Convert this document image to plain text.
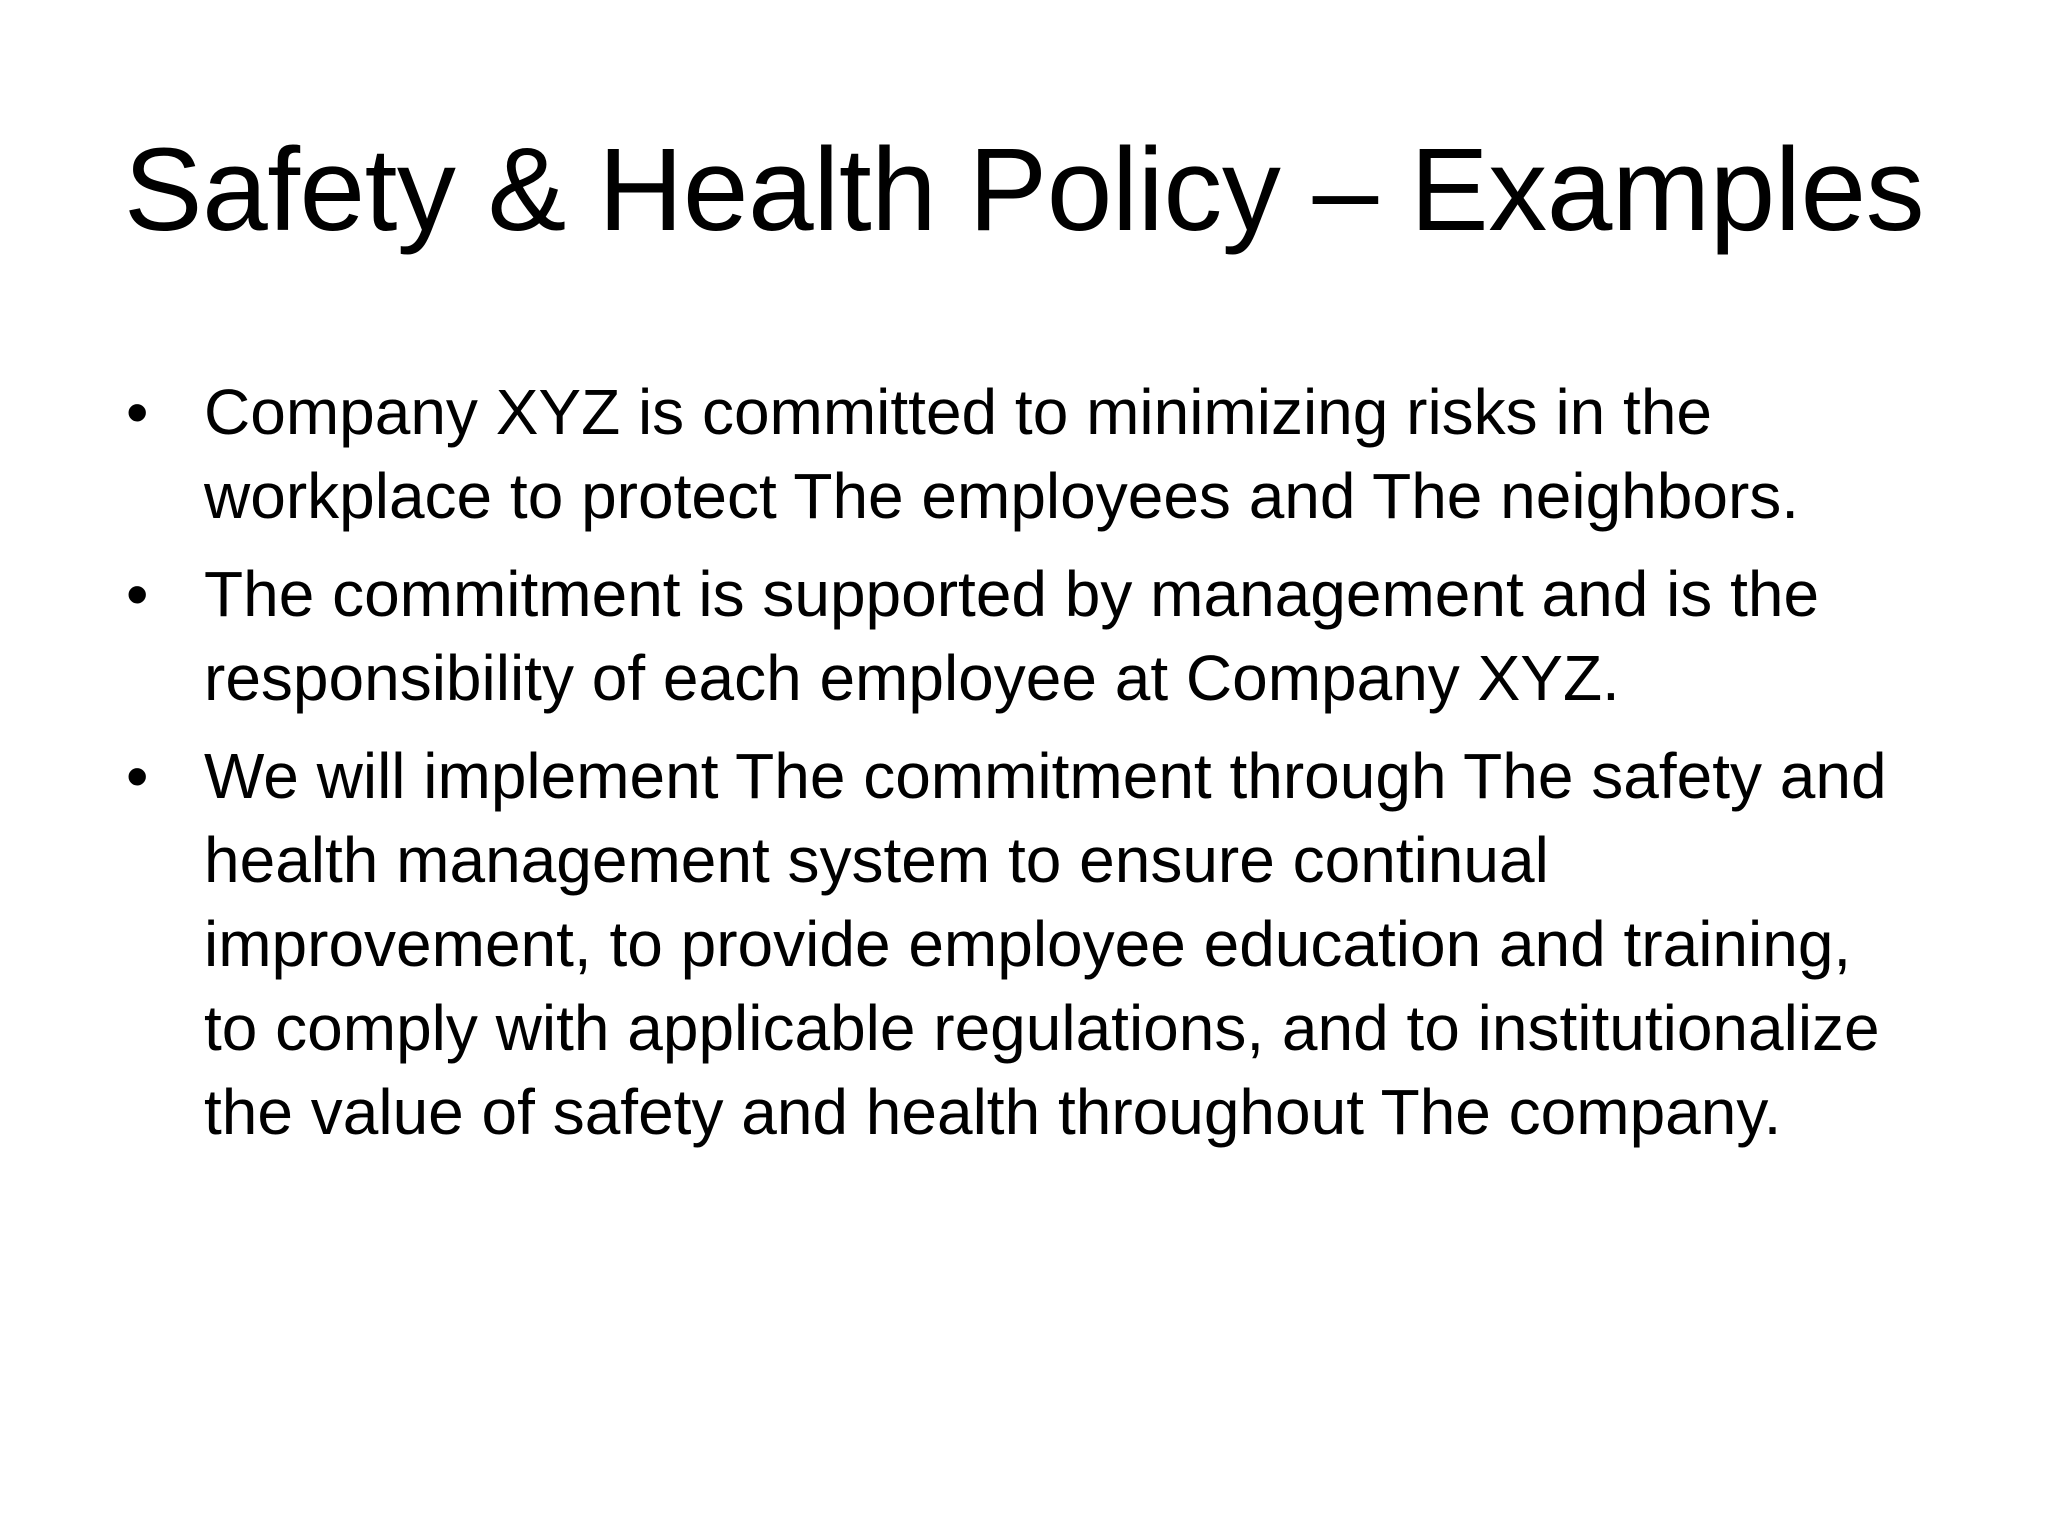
Safety & Health Policy – Examples
• Company XYZ is committed to minimizing risks in the workplace to protect The employees and The neighbors.
• The commitment is supported by management and is the responsibility of each employee at Company XYZ.
• We will implement The commitment through The safety and health management system to ensure continual improvement, to provide employee education and training, to comply with applicable regulations, and to institutionalize the value of safety and health throughout The company.
